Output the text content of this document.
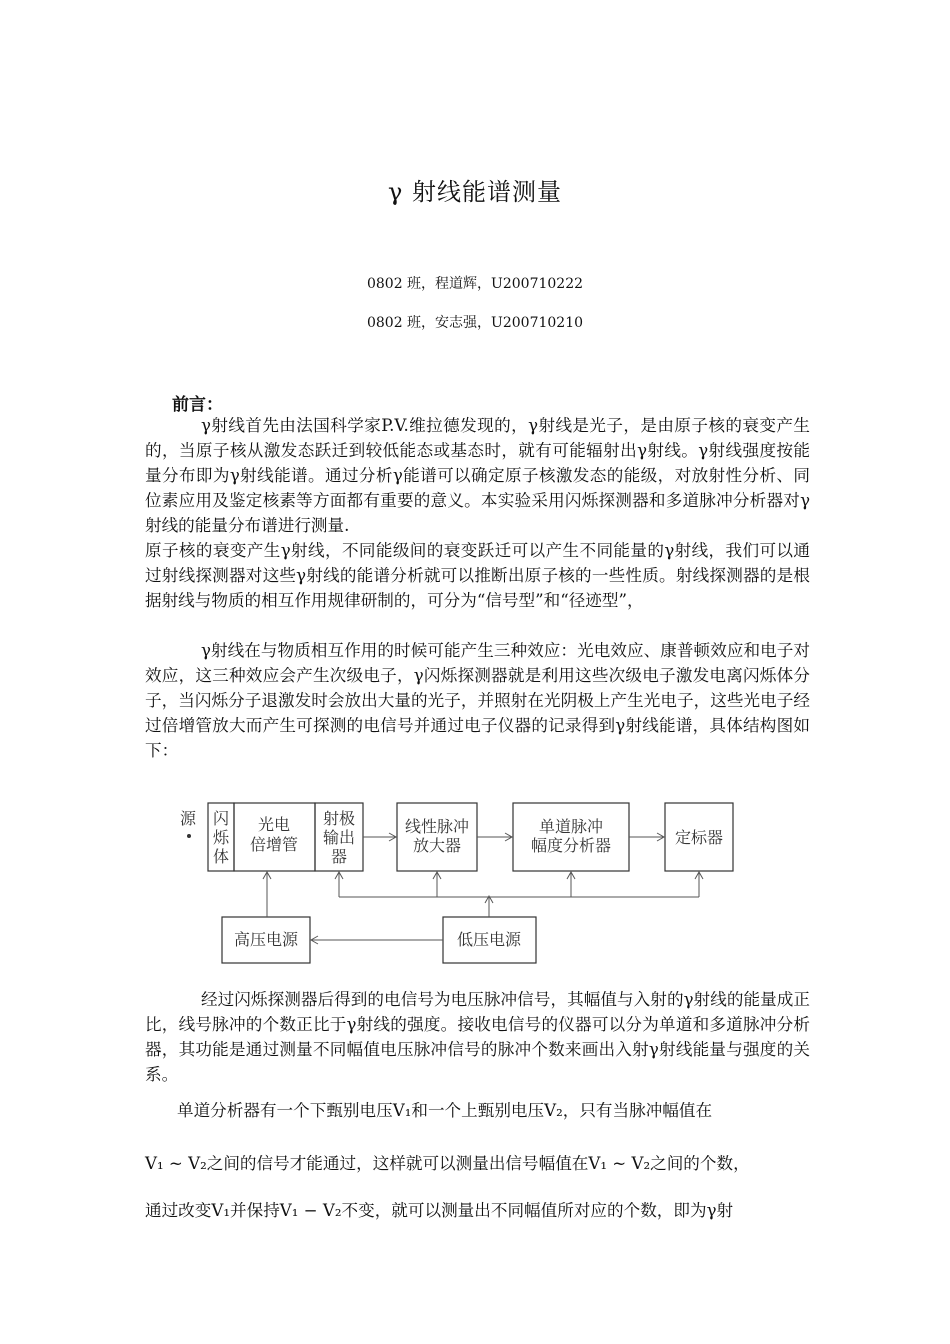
γ 射线能谱测量
0802 班，程道辉，U200710222
0802 班，安志强，U200710210
前言：

γ射线首先由法国科学家P.V.维拉德发现的，γ射线是光子，是由原子核的衰变产生的，当原子核从激发态跃迁到较低能态或基态时，就有可能辐射出γ射线。γ射线强度按能量分布即为γ射线能谱。通过分析γ能谱可以确定原子核激发态的能级，对放射性分析、同位素应用及鉴定核素等方面都有重要的意义。本实验采用闪烁探测器和多道脉冲分析器对γ射线的能量分布谱进行测量.

原子核的衰变产生γ射线，不同能级间的衰变跃迁可以产生不同能量的γ射线，我们可以通过射线探测器对这些γ射线的能谱分析就可以推断出原子核的一些性质。射线探测器的是根据射线与物质的相互作用规律研制的，可分为“信号型”和“径迹型”，

γ射线在与物质相互作用的时候可能产生三种效应：光电效应、康普顿效应和电子对效应，这三种效应会产生次级电子，γ闪烁探测器就是利用这些次级电子激发电离闪烁体分子，当闪烁分子退激发时会放出大量的光子，并照射在光阴极上产生光电子，这些光电子经过倍增管放大而产生可探测的电信号并通过电子仪器的记录得到γ射线能谱，具体结构图如下：

源 闪
烁
体
光电
倍增管
射极
输出
器
线性脉冲
放大器
单道脉冲
幅度分析器	定标器
高压电源	低压电源

经过闪烁探测器后得到的电信号为电压脉冲信号，其幅值与入射的γ射线的能量成正比，线号脉冲的个数正比于γ射线的强度。接收电信号的仪器可以分为单道和多道脉冲分析器，其功能是通过测量不同幅值电压脉冲信号的脉冲个数来画出入射γ射线能量与强度的关系。

单道分析器有一个下甄别电压V₁和一个上甄别电压V₂，只有当脉冲幅值在

V₁ ~ V₂之间的信号才能通过，这样就可以测量出信号幅值在V₁ ~ V₂之间的个数，

通过改变V₁并保持V₁ − V₂不变，就可以测量出不同幅值所对应的个数，即为γ射
